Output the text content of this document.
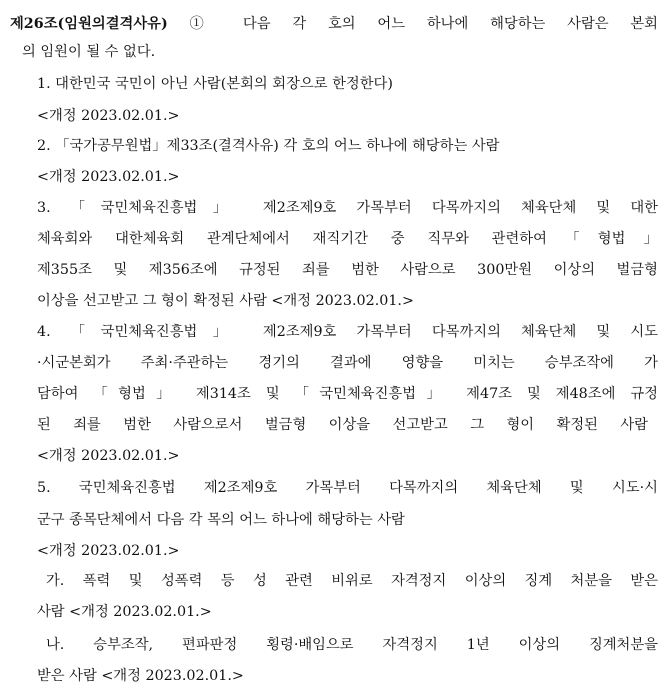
제26조(임원의결격사유) ① 다음 각 호의 어느 하나에 해당하는 사람은 본회
의 임원이 될 수 없다.
1. 대한민국 국민이 아닌 사람(본회의 회장으로 한정한다)
<개정 2023.02.01.>
2. 「국가공무원법」제33조(결격사유) 각 호의 어느 하나에 해당하는 사람
<개정 2023.02.01.>
3. 「국민체육진흥법」 제2조제9호 가목부터 다목까지의 체육단체 및 대한
체육회와 대한체육회 관계단체에서 재직기간 중 직무와 관련하여「형법」
제355조 및 제356조에 규정된 죄를 범한 사람으로 300만원 이상의 벌금형
이상을 선고받고 그 형이 확정된 사람 <개정 2023.02.01.>
4. 「국민체육진흥법」 제2조제9호 가목부터 다목까지의 체육단체 및 시도
·시군본회가 주최·주관하는 경기의 결과에 영향을 미치는 승부조작에 가
담하여 「형법」 제314조 및 「국민체육진흥법」 제47조 및 제48조에 규정
된 죄를 범한 사람으로서 벌금형 이상을 선고받고 그 형이 확정된 사람
<개정 2023.02.01.>
5. 국민체육진흥법 제2조제9호 가목부터 다목까지의 체육단체 및 시도·시
군구 종목단체에서 다음 각 목의 어느 하나에 해당하는 사람
<개정 2023.02.01.>
가. 폭력 및 성폭력 등 성 관련 비위로 자격정지 이상의 징계 처분을 받은
사람 <개정 2023.02.01.>
나. 승부조작, 편파판정 횡령·배임으로 자격정지 1년 이상의 징계처분을
받은 사람 <개정 2023.02.01.>
